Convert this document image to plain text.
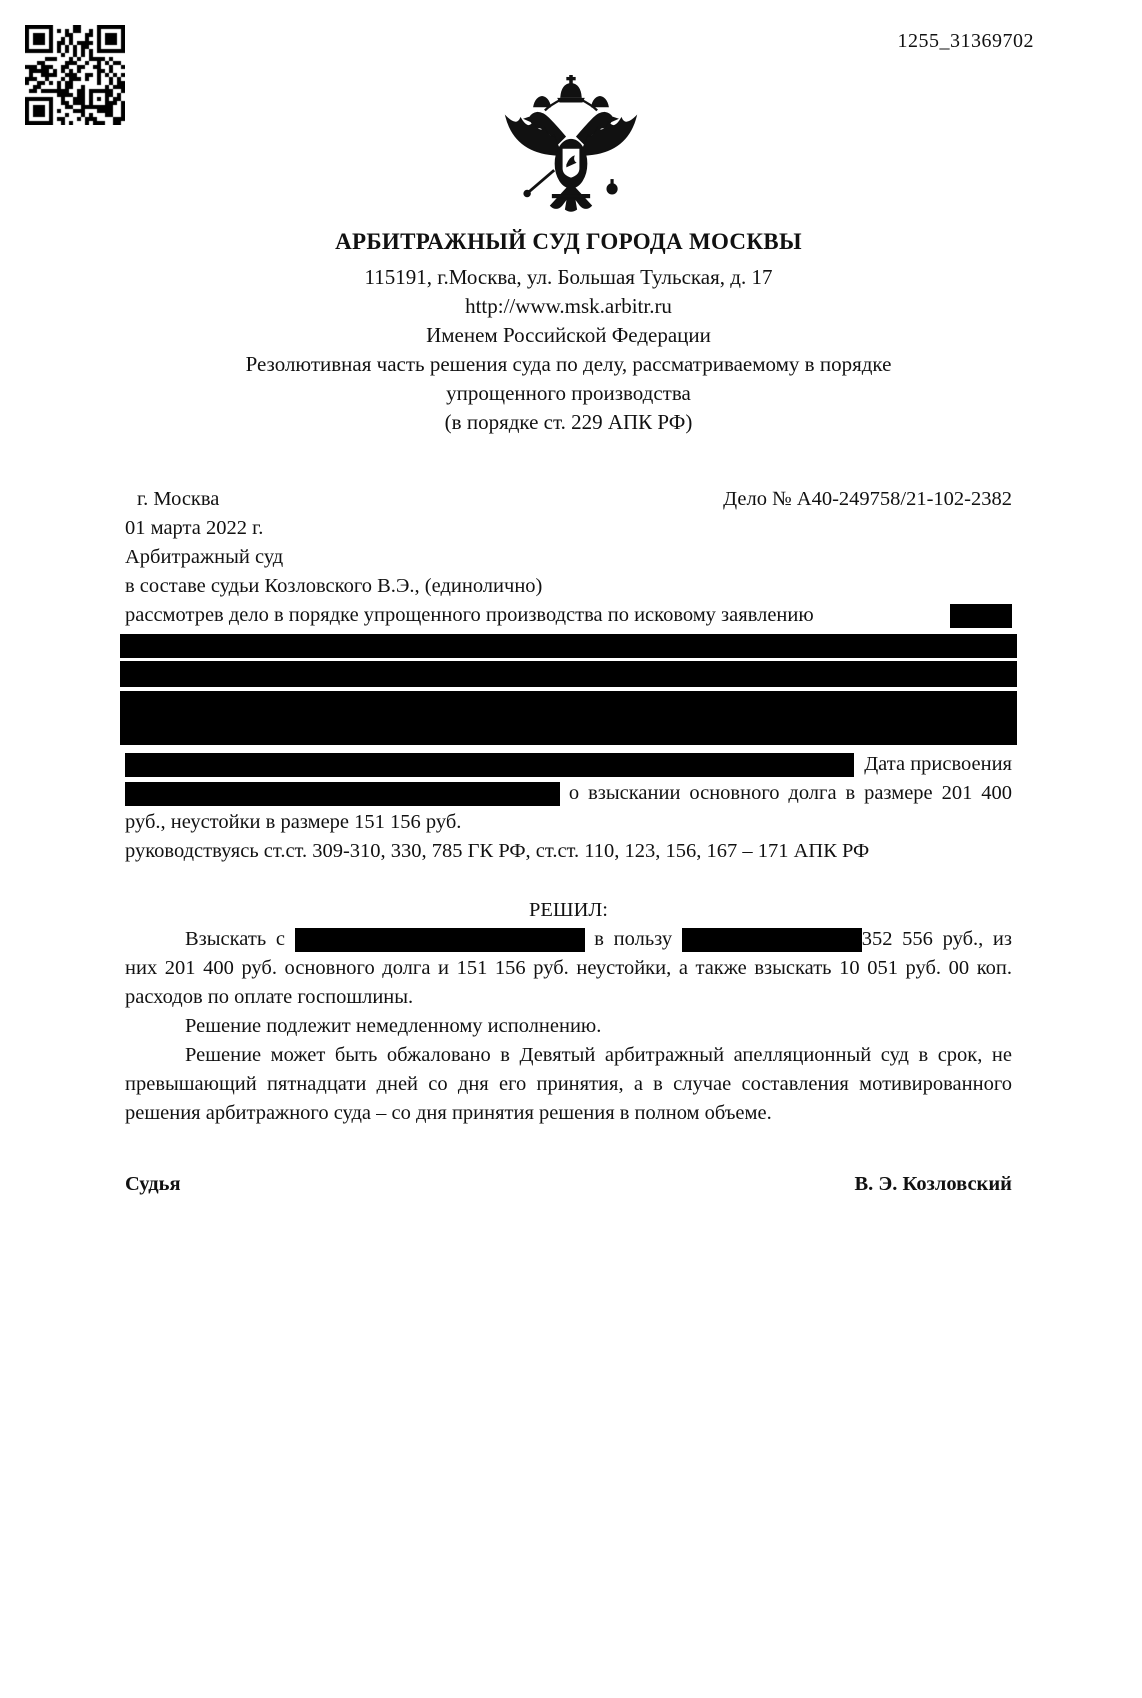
1255_31369702
АРБИТРАЖНЫЙ СУД ГОРОДА МОСКВЫ
115191, г.Москва, ул. Большая Тульская, д. 17
http://www.msk.arbitr.ru
Именем Российской Федерации
Резолютивная часть решения суда по делу, рассматриваемому в порядке
упрощенного производства
(в порядке ст. 229 АПК РФ)
г. Москва	Дело № А40-249758/21-102-2382
01 марта 2022 г.
Арбитражный суд
в составе судьи Козловского В.Э., (единолично)
рассмотрев дело в порядке упрощенного производства по исковому заявлению
Дата присвоения

о взыскании основного долга в размере 201 400 руб., неустойки в размере 151 156 руб.

руководствуясь ст.ст. 309-310, 330, 785 ГК РФ, ст.ст. 110, 123, 156, 167 – 171 АПК РФ
РЕШИЛ:

Взыскать с	в пользу	352 556 руб., из них 201 400 руб. основного долга и 151 156 руб. неустойки, а также взыскать 10 051 руб. 00 коп. расходов по оплате госпошлины.

Решение подлежит немедленному исполнению.

Решение может быть обжаловано в Девятый арбитражный апелляционный суд в срок, не превышающий пятнадцати дней со дня его принятия, а в случае составления мотивированного решения арбитражного суда – со дня принятия решения в полном объеме.

Судья	В. Э. Козловский
